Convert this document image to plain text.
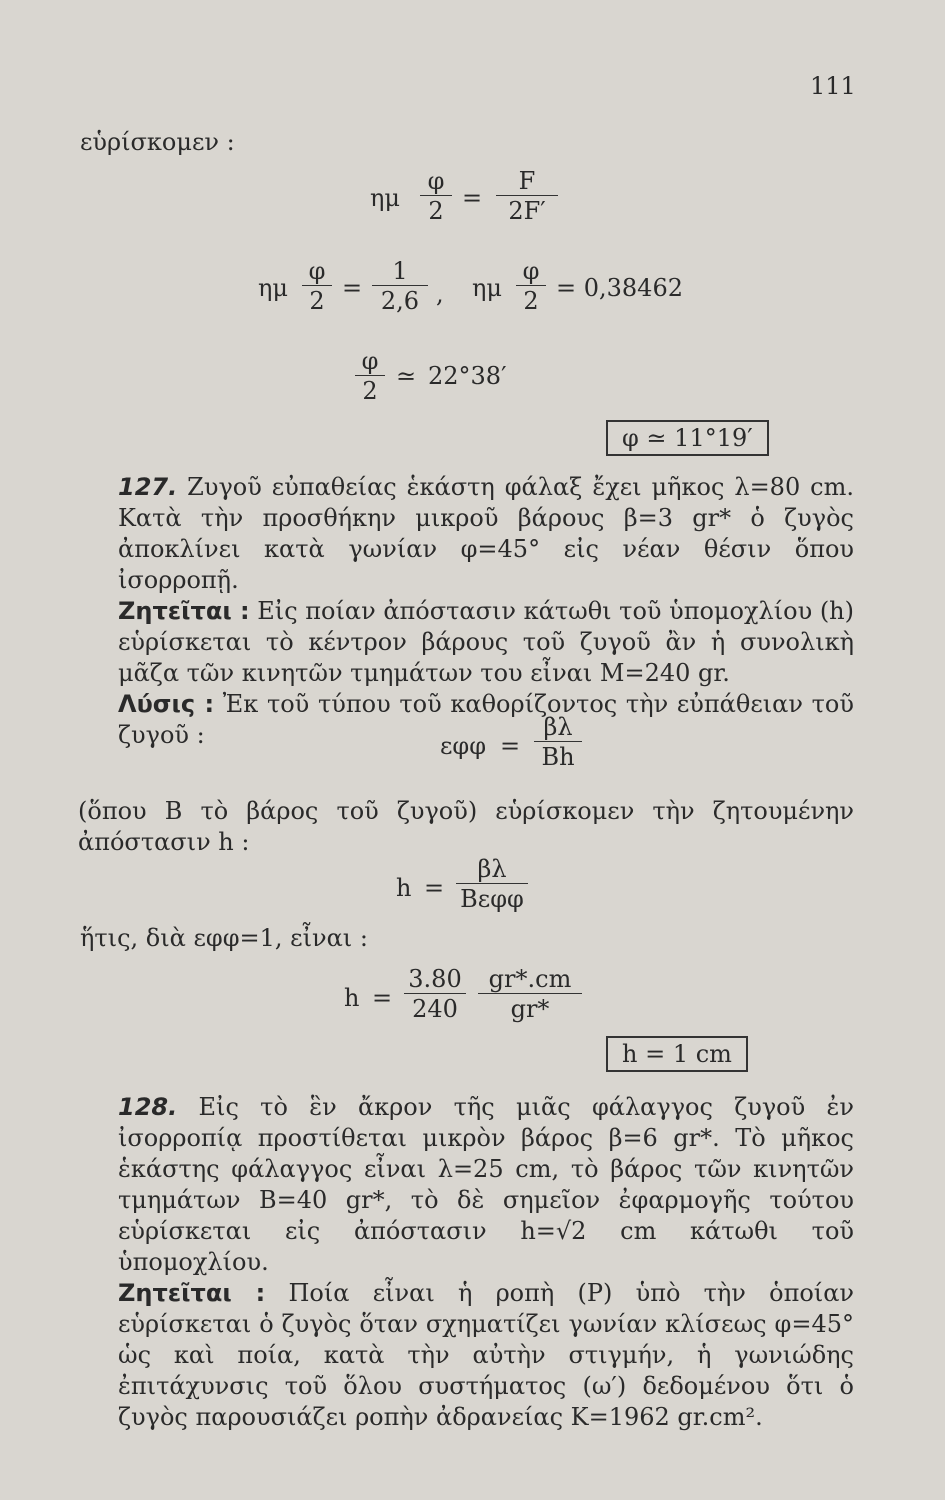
111
εὑρίσκομεν :
ημ $\frac{\varphi}{2} = \frac{F}{2F'}$
ημ $\frac{\varphi}{2} = \frac{1}{2,6}$ , ημ $\frac{\varphi}{2} = 0,38462$
$\frac{\varphi}{2}$ ≃ 22°38′
φ ≃ 11°19′

127. Ζυγοῦ εὐπαθείας ἑκάστη φάλαξ ἔχει μῆκος λ=80 cm. Κατὰ τὴν προσθήκην μικροῦ βάρους β=3 gr* ὁ ζυγὸς ἀποκλίνει κατὰ γωνίαν φ=45° εἰς νέαν θέσιν ὅπου ἰσορροπῇ.

Ζητεῖται : Εἰς ποίαν ἀπόστασιν κάτωθι τοῦ ὑπομοχλίου (h) εὑρίσκεται τὸ κέντρον βάρους τοῦ ζυγοῦ ἂν ἡ συνολικὴ μᾶζα τῶν κινητῶν τμημάτων του εἶναι M=240 gr.

Λύσις : Ἐκ τοῦ τύπου τοῦ καθορίζοντος τὴν εὐπάθειαν τοῦ ζυγοῦ :	$\varepsilon\varphi\varphi = \frac{\beta\lambda}{Bh}$

(ὅπου B τὸ βάρος τοῦ ζυγοῦ) εὑρίσκομεν τὴν ζητουμένην ἀπόστασιν h :

h =
βλ
Bεφφ
ἥτις, διὰ εφφ=1, εἶναι :
$h = \frac{3.80}{240} \frac{gr*.cm}{gr*}$
h = 1 cm

128. Εἰς τὸ ἓν ἄκρον τῆς μιᾶς φάλαγγος ζυγοῦ ἐν ἰσορροπίᾳ προστίθεται μικρὸν βάρος β=6 gr*. Τὸ μῆκος ἑκάστης φάλαγγος εἶναι λ=25 cm, τὸ βάρος τῶν κινητῶν τμημάτων B=40 gr*, τὸ δὲ σημεῖον ἐφαρμογῆς τούτου εὑρίσκεται εἰς ἀπόστασιν h=√2 cm κάτωθι τοῦ ὑπομοχλίου.

Ζητεῖται : Ποία εἶναι ἡ ροπὴ (P) ὑπὸ τὴν ὁποίαν εὑρίσκεται ὁ ζυγὸς ὅταν σχηματίζει γωνίαν κλίσεως φ=45° ὡς καὶ ποία, κατὰ τὴν αὐτὴν στιγμήν, ἡ γωνιώδης ἐπιτάχυνσις τοῦ ὅλου συστήματος (ω′) δεδομένου ὅτι ὁ ζυγὸς παρουσιάζει ροπὴν ἀδρανείας K=1962 gr.cm².
